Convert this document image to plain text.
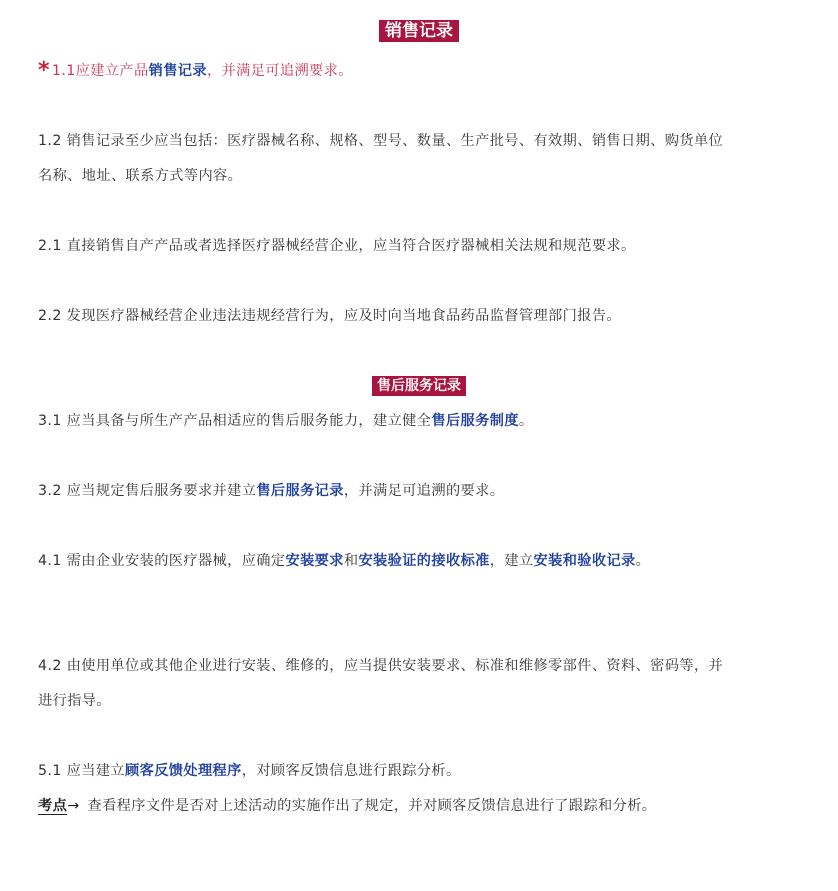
销售记录

* 1.1应建立产品销售记录，并满足可追溯要求。

1.2 销售记录至少应当包括：医疗器械名称、规格、型号、数量、生产批号、有效期、销售日期、购货单位名称、地址、联系方式等内容。

2.1 直接销售自产产品或者选择医疗器械经营企业，应当符合医疗器械相关法规和规范要求。

2.2 发现医疗器械经营企业违法违规经营行为，应及时向当地食品药品监督管理部门报告。

售后服务记录

3.1 应当具备与所生产产品相适应的售后服务能力，建立健全售后服务制度。

3.2 应当规定售后服务要求并建立售后服务记录，并满足可追溯的要求。

4.1 需由企业安装的医疗器械，应确定安装要求和安装验证的接收标准，建立安装和验收记录。

4.2 由使用单位或其他企业进行安装、维修的，应当提供安装要求、标准和维修零部件、资料、密码等，并进行指导。

5.1 应当建立顾客反馈处理程序，对顾客反馈信息进行跟踪分析。

考点→ 查看程序文件是否对上述活动的实施作出了规定，并对顾客反馈信息进行了跟踪和分析。
